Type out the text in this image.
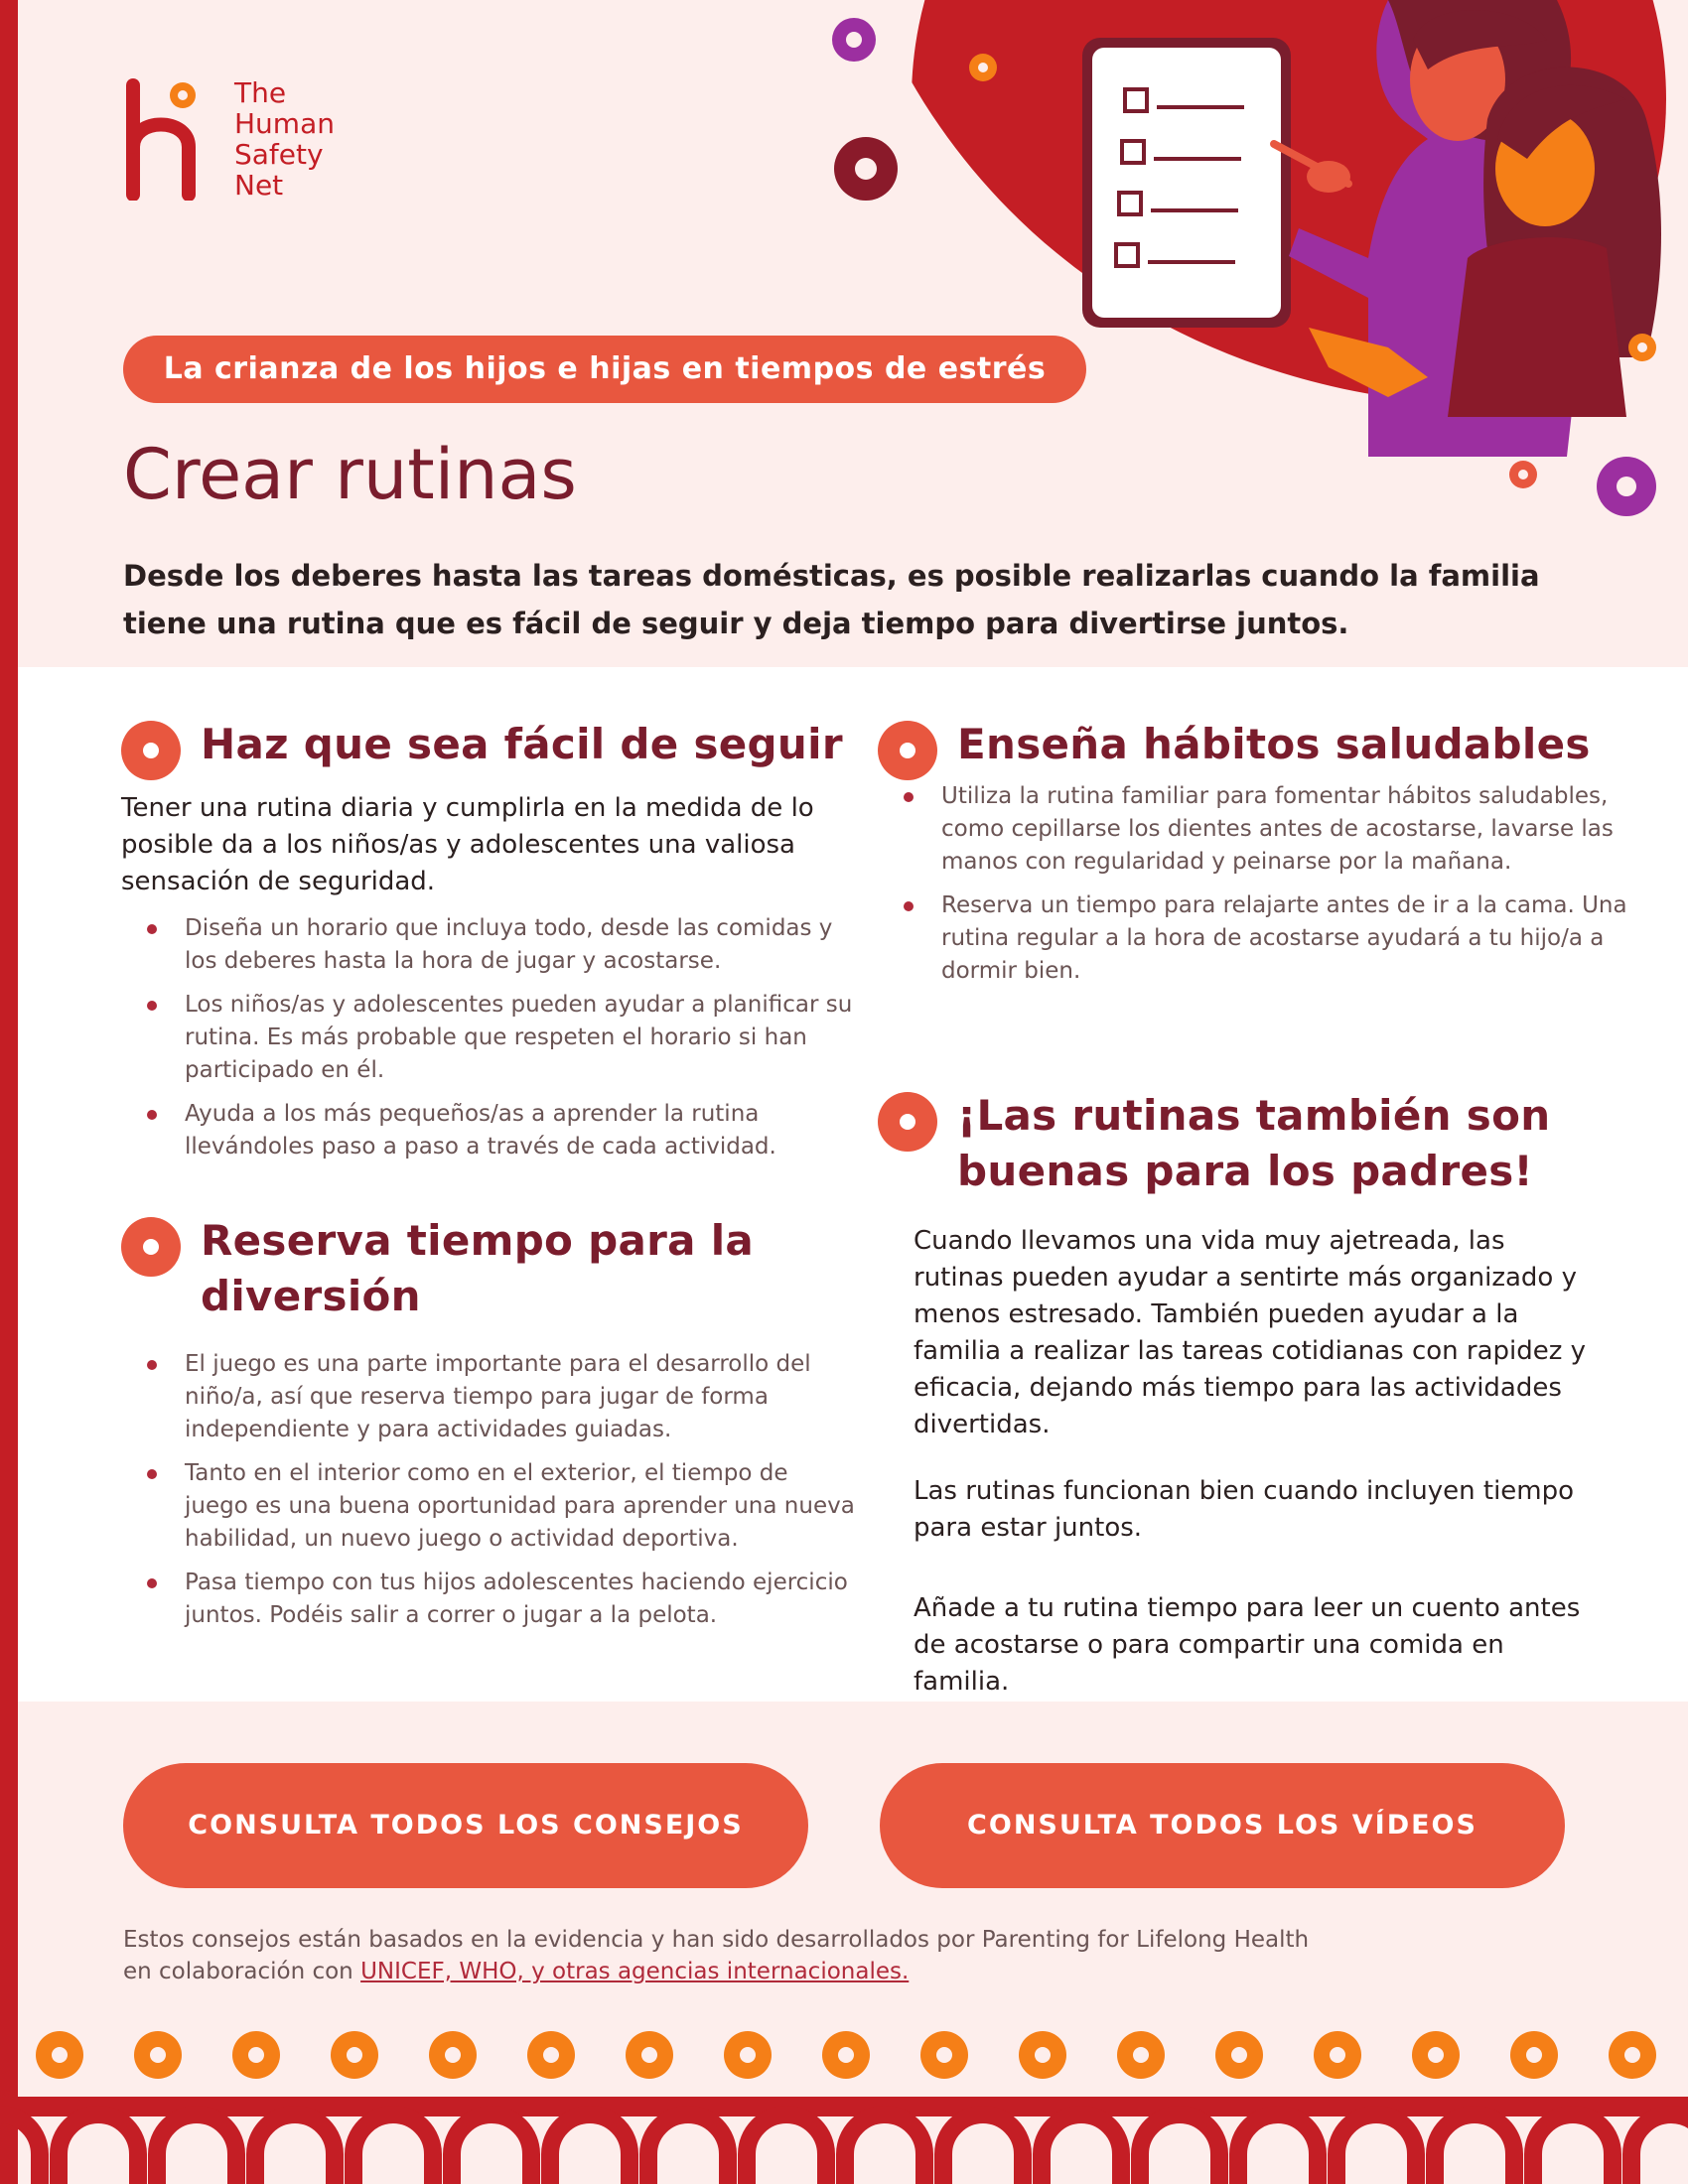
The
Human
Safety
Net
La crianza de los hijos e hijas en tiempos de estrés
Crear rutinas
Desde los deberes hasta las tareas domésticas, es posible realizarlas cuando la familia
tiene una rutina que es fácil de seguir y deja tiempo para divertirse juntos.
Haz que sea fácil de seguir
Tener una rutina diaria y cumplirla en la medida de lo posible da a los niños/as y adolescentes una valiosa sensación de seguridad.
Diseña un horario que incluya todo, desde las comidas y los deberes hasta la hora de jugar y acostarse.
Los niños/as y adolescentes pueden ayudar a planificar su rutina. Es más probable que respeten el horario si han participado en él.
Ayuda a los más pequeños/as a aprender la rutina llevándoles paso a paso a través de cada actividad.
Reserva tiempo para la
diversión
El juego es una parte importante para el desarrollo del niño/a, así que reserva tiempo para jugar de forma independiente y para actividades guiadas.
Tanto en el interior como en el exterior, el tiempo de juego es una buena oportunidad para aprender una nueva habilidad, un nuevo juego o actividad deportiva.
Pasa tiempo con tus hijos adolescentes haciendo ejercicio juntos. Podéis salir a correr o jugar a la pelota.
Enseña hábitos saludables
Utiliza la rutina familiar para fomentar hábitos saludables, como cepillarse los dientes antes de acostarse, lavarse las manos con regularidad y peinarse por la mañana.
Reserva un tiempo para relajarte antes de ir a la cama. Una rutina regular a la hora de acostarse ayudará a tu hijo/a a dormir bien.
¡Las rutinas también son
buenas para los padres!

Cuando llevamos una vida muy ajetreada, las rutinas pueden ayudar a sentirte más organizado y menos estresado. También pueden ayudar a la familia a realizar las tareas cotidianas con rapidez y eficacia, dejando más tiempo para las actividades divertidas.

Las rutinas funcionan bien cuando incluyen tiempo para estar juntos.

Añade a tu rutina tiempo para leer un cuento antes de acostarse o para compartir una comida en familia.

CONSULTA TODOS LOS CONSEJOS	CONSULTA TODOS LOS VÍDEOS
Estos consejos están basados en la evidencia y han sido desarrollados por Parenting for Lifelong Health
en colaboración con UNICEF, WHO, y otras agencias internacionales.
